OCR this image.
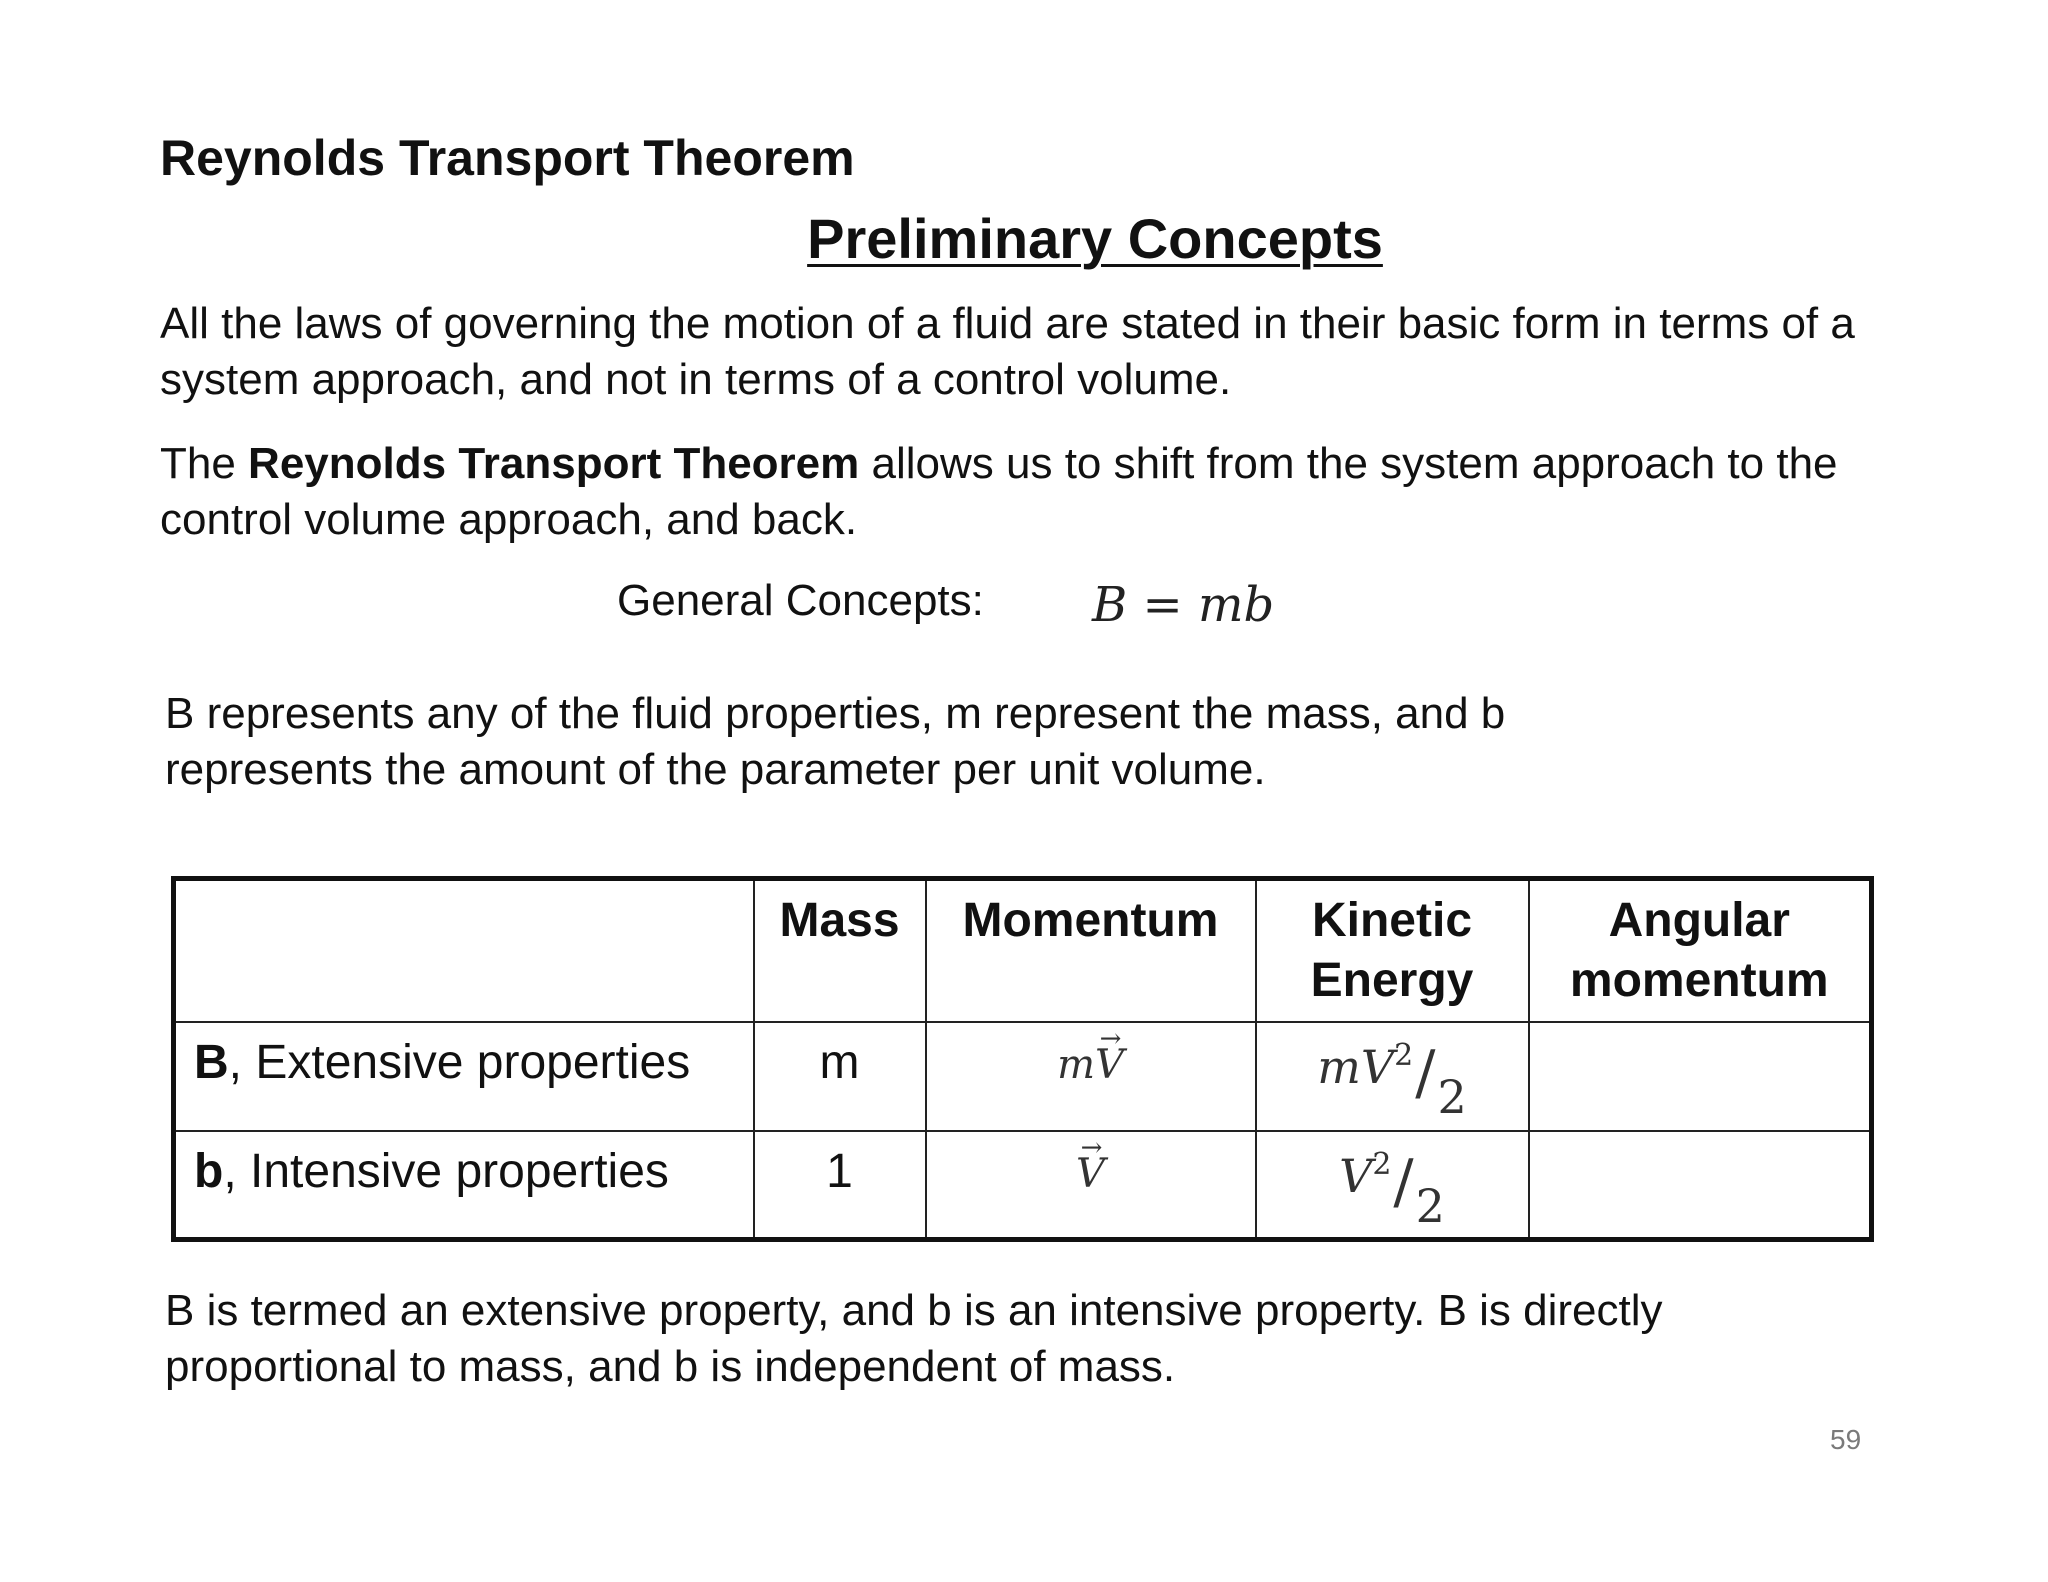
Reynolds Transport Theorem
Preliminary Concepts
All the laws of governing the motion of a fluid are stated in their basic form in terms of a system approach, and not in terms of a control volume.
The Reynolds Transport Theorem allows us to shift from the system approach to the control volume approach, and back.
General Concepts: B = mb
B represents any of the fluid properties, m represent the mass, and b represents the amount of the parameter per unit volume.
	Mass	Momentum	Kinetic Energy	Angular momentum
B, Extensive properties	m	m→ V	$mV^2/2$	
b, Intensive properties	1	→ V	$V^2/2$	
B is termed an extensive property, and b is an intensive property. B is directly proportional to mass, and b is independent of mass.
59
